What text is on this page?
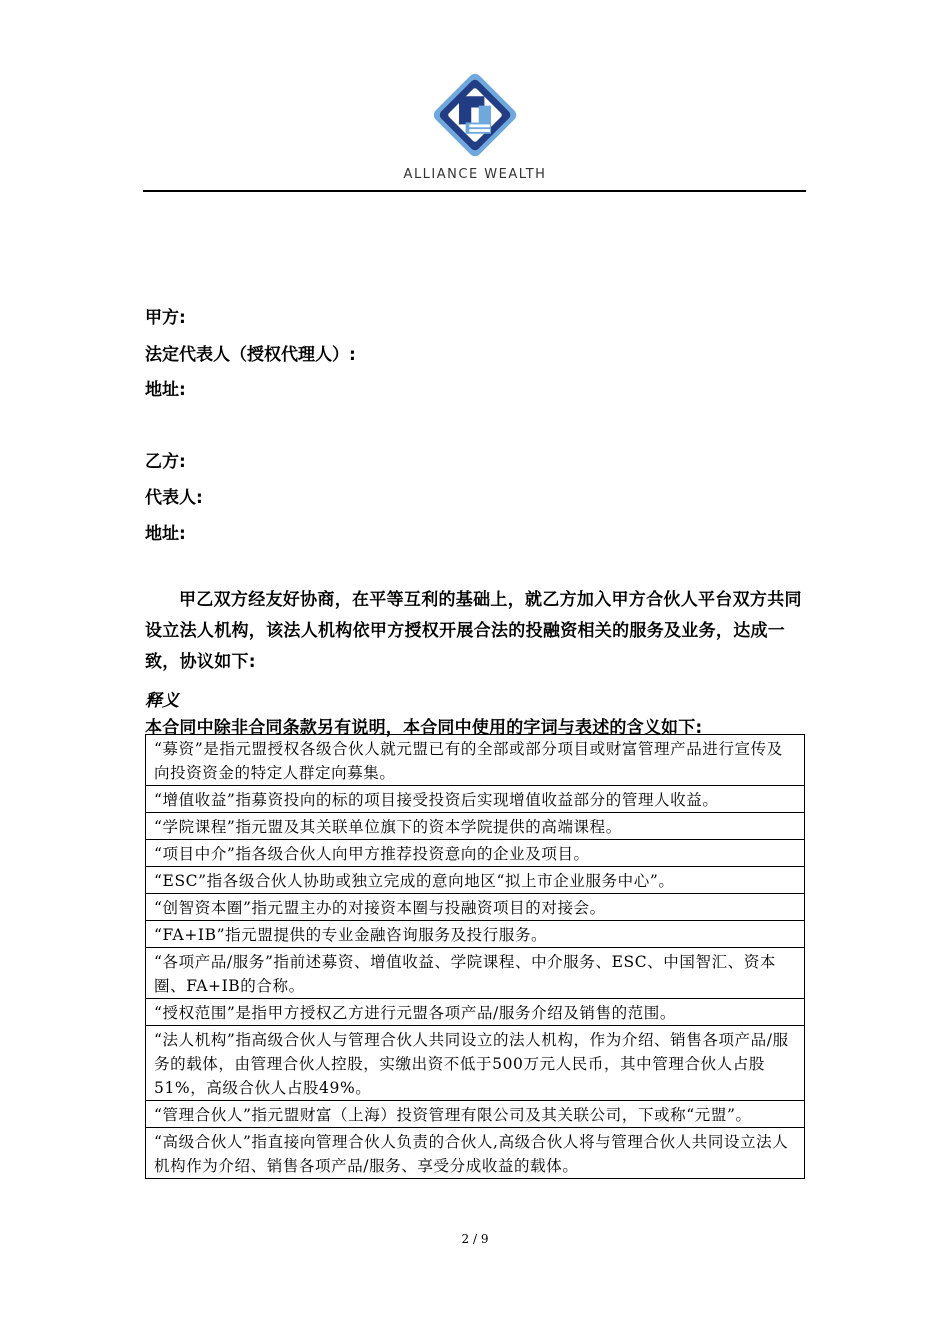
ALLIANCE WEALTH
甲方:
法定代表人（授权代理人）:
地址:
乙方:
代表人:
地址:
甲乙双方经友好协商，在平等互利的基础上，就乙方加入甲方合伙人平台双方共同设立法人机构，该法人机构依甲方授权开展合法的投融资相关的服务及业务，达成一致，协议如下:
释义
本合同中除非合同条款另有说明，本合同中使用的字词与表述的含义如下:
“募资”是指元盟授权各级合伙人就元盟已有的全部或部分项目或财富管理产品进行宣传及向投资资金的特定人群定向募集。
“增值收益”指募资投向的标的项目接受投资后实现增值收益部分的管理人收益。
“学院课程”指元盟及其关联单位旗下的资本学院提供的高端课程。
“项目中介”指各级合伙人向甲方推荐投资意向的企业及项目。
“ESC”指各级合伙人协助或独立完成的意向地区“拟上市企业服务中心”。
“创智资本圈”指元盟主办的对接资本圈与投融资项目的对接会。
“FA+IB”指元盟提供的专业金融咨询服务及投行服务。
“各项产品/服务”指前述募资、增值收益、学院课程、中介服务、ESC、中国智汇、资本圈、FA+IB的合称。
“授权范围”是指甲方授权乙方进行元盟各项产品/服务介绍及销售的范围。
“法人机构”指高级合伙人与管理合伙人共同设立的法人机构，作为介绍、销售各项产品/服务的载体，由管理合伙人控股，实缴出资不低于500万元人民币，其中管理合伙人占股51%，高级合伙人占股49%。
“管理合伙人”指元盟财富（上海）投资管理有限公司及其关联公司，下或称“元盟”。
“高级合伙人”指直接向管理合伙人负责的合伙人,高级合伙人将与管理合伙人共同设立法人机构作为介绍、销售各项产品/服务、享受分成收益的载体。
2 / 9
